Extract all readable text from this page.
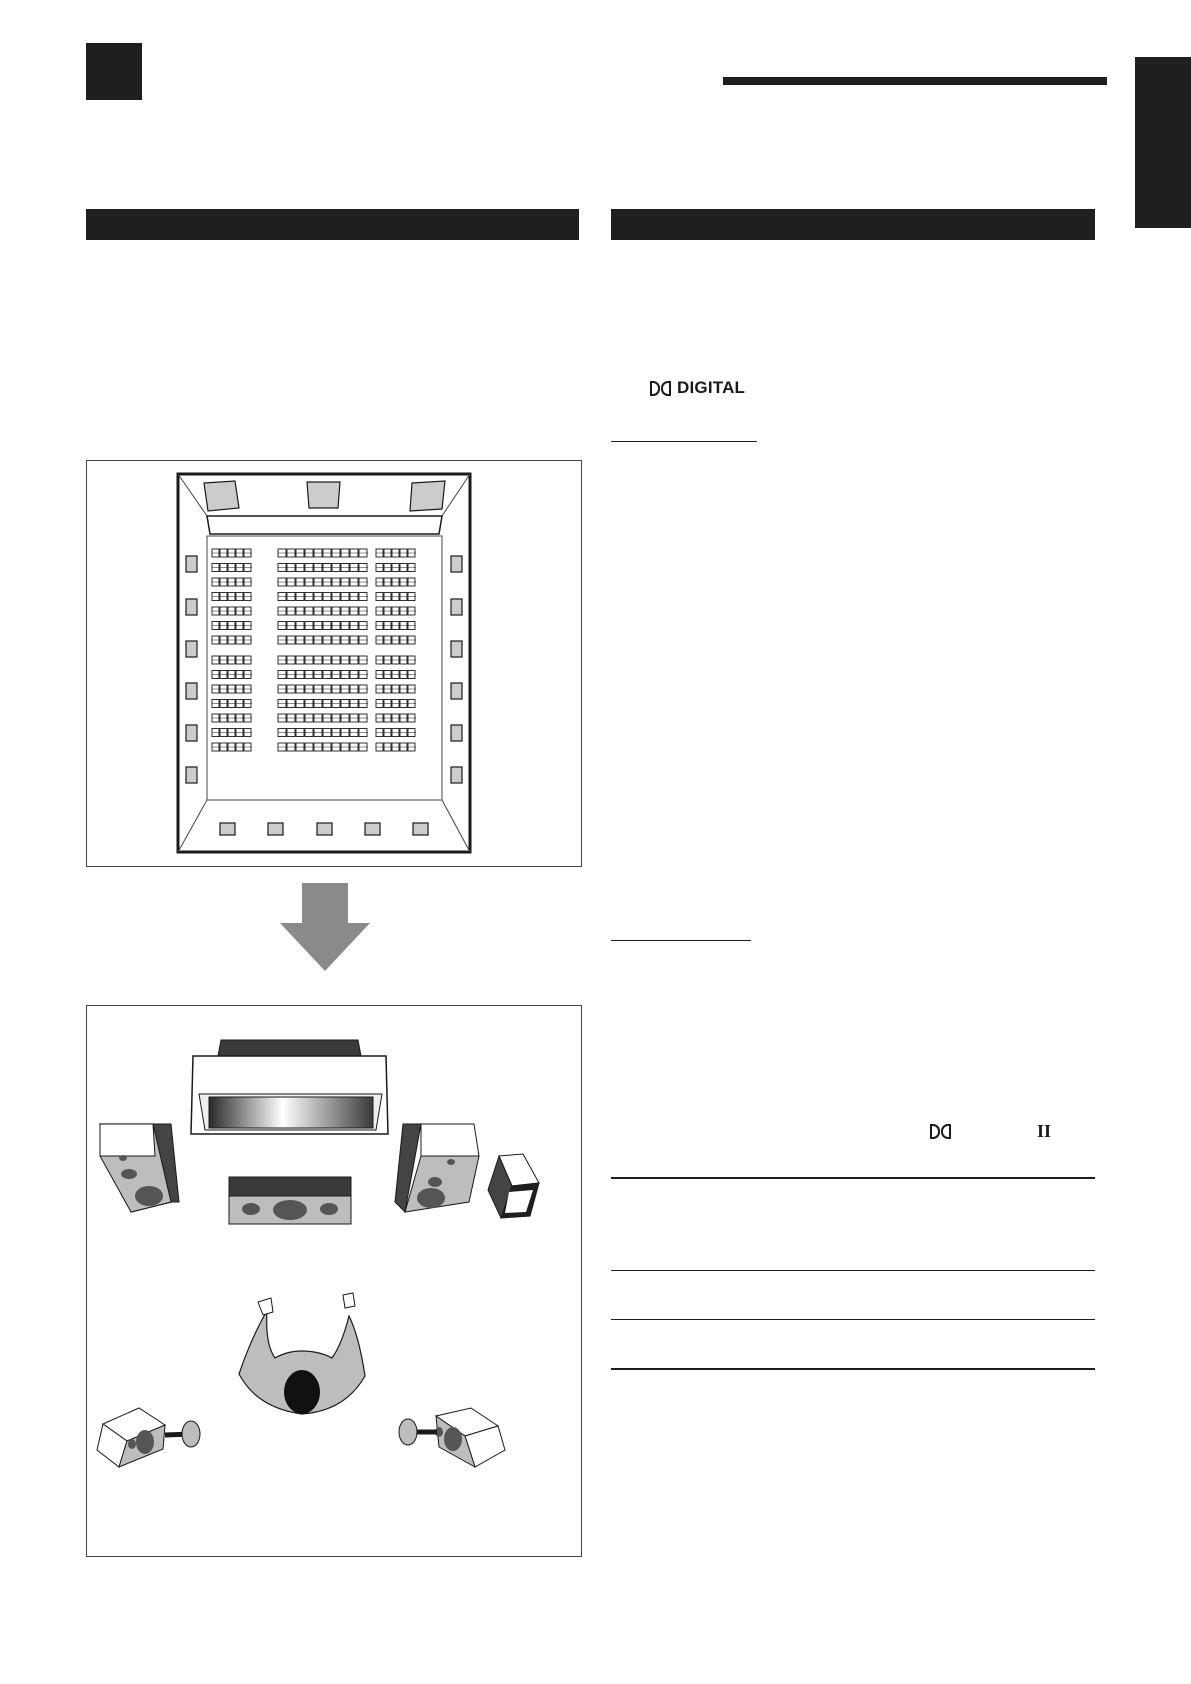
DIGITAL
II
